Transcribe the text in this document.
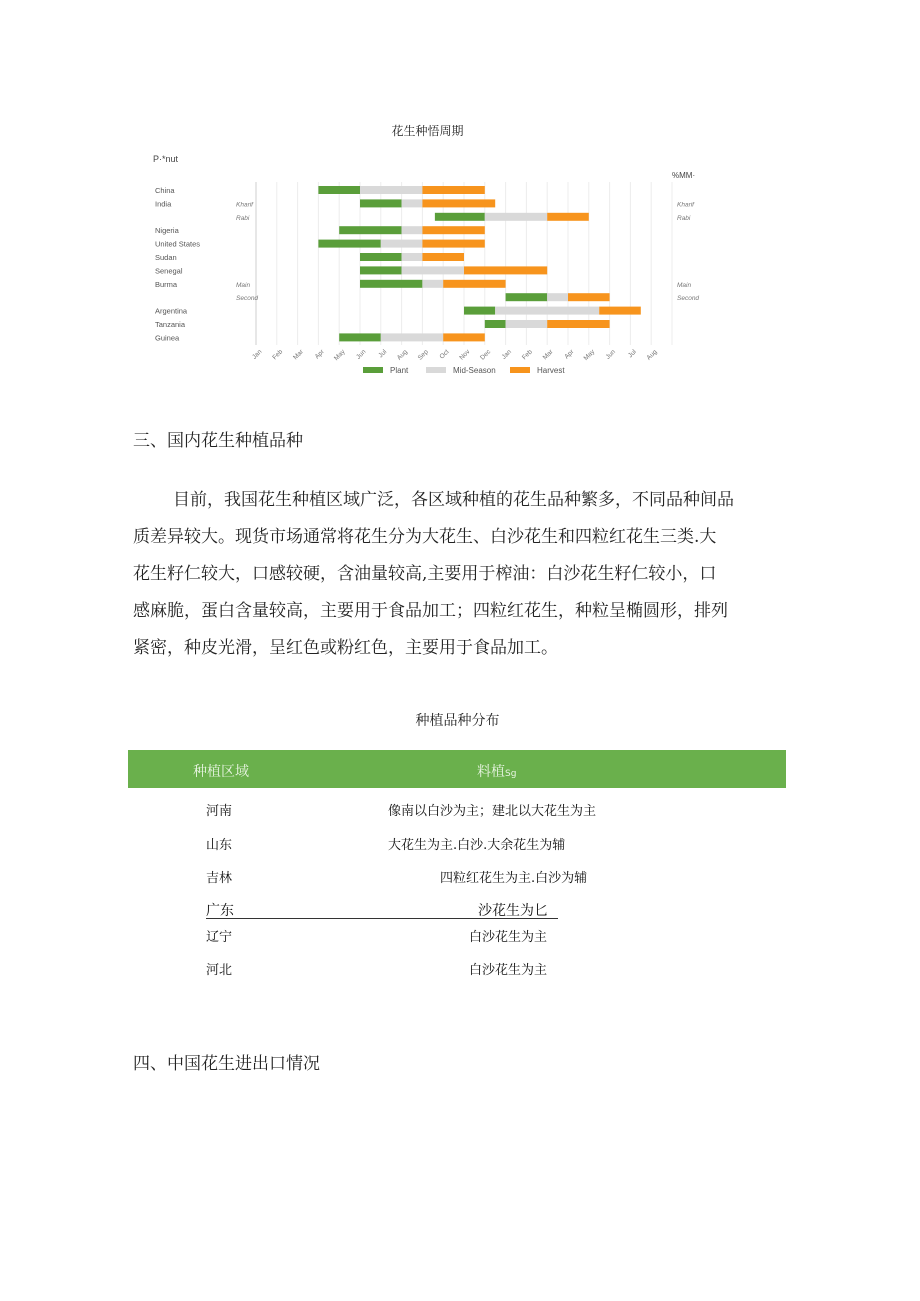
花生种悟周期
P·*nut
%MM·
China
India	Kharif	Kharif
Rabi	Rabi
Nigeria
United States
Sudan
Senegal
Burma	Main	Main
Second	Second
Argentina
Tanzania
Guinea
Jan Feb Mar Apr May Jun Jul Aug Sep Oct Nov Dec Jan Feb Mar Apr May Jun Jul Aug
Plant	Mid-Season	Harvest
三、国内花生种植品种
目前，我国花生种植区域广泛，各区域种植的花生品种繁多，不同品种间品
质差异较大。现货市场通常将花生分为大花生、白沙花生和四粒红花生三类.大
花生籽仁较大，口感较硬，含油量较高,主要用于榨油：白沙花生籽仁较小，口
感麻脆，蛋白含量较高，主要用于食品加工；四粒红花生，种粒呈椭圆形，排列
紧密，种皮光滑，呈红色或粉红色，主要用于食品加工。
种植品种分布
种植区域	料植Sg
河南	像南以白沙为主；建北以大花生为主
山东	大花生为主.白沙.大余花生为辅
吉林	四粒红花生为主.白沙为辅
广东	沙花生为匕
辽宁	白沙花生为主
河北	白沙花生为主
四、中国花生进出口情况
